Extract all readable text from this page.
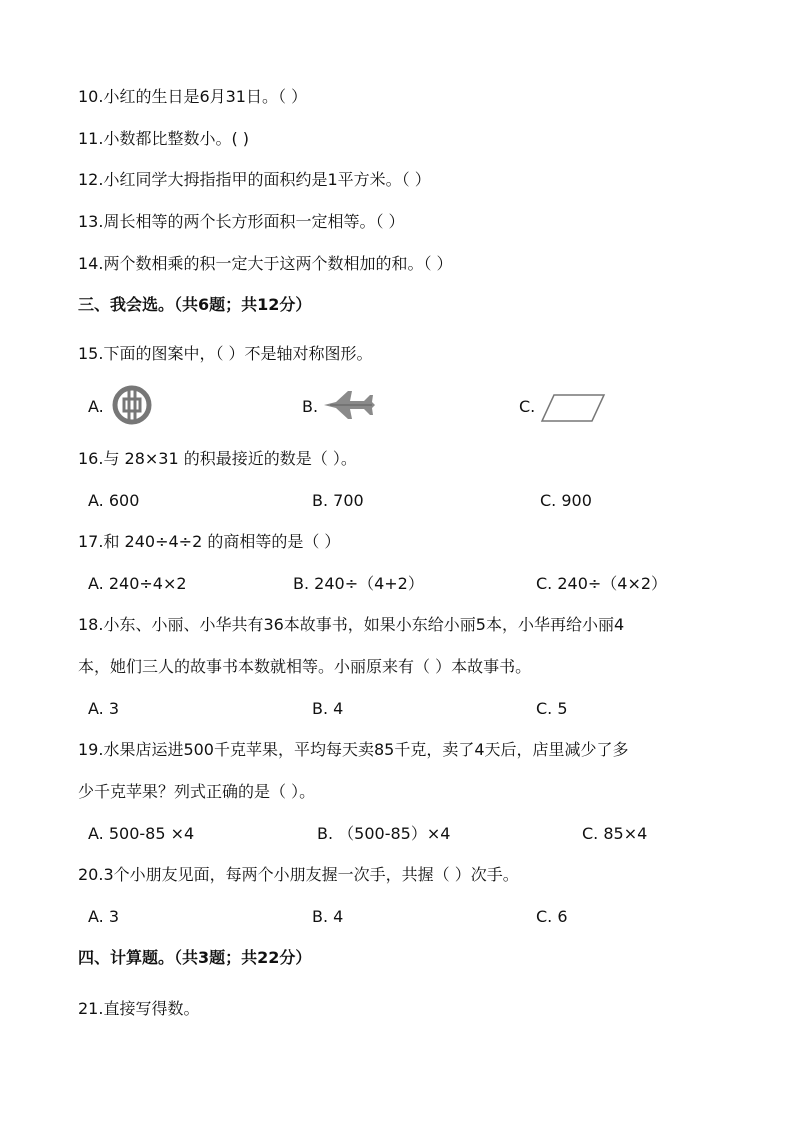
10.小红的生日是6月31日。（ ）
11.小数都比整数小。( )
12.小红同学大拇指指甲的面积约是1平方米。（ ）
13.周长相等的两个长方形面积一定相等。（ ）
14.两个数相乘的积一定大于这两个数相加的和。（ ）
三、我会选。（共6题；共12分）
15.下面的图案中，（ ）不是轴对称图形。
A.	B.	C.
16.与 28×31 的积最接近的数是（ ）。
A. 600	B. 700	C. 900
17.和 240÷4÷2 的商相等的是（ ）
A. 240÷4×2	B. 240÷（4+2）	C. 240÷（4×2）
18.小东、小丽、小华共有36本故事书，如果小东给小丽5本，小华再给小丽4
本，她们三人的故事书本数就相等。小丽原来有（ ）本故事书。
A. 3	B. 4	C. 5
19.水果店运进500千克苹果，平均每天卖85千克，卖了4天后，店里减少了多
少千克苹果？列式正确的是（ ）。
A. 500-85 ×4	B. （500-85）×4	C. 85×4
20.3个小朋友见面，每两个小朋友握一次手，共握（ ）次手。
A. 3	B. 4	C. 6
四、计算题。（共3题；共22分）
21.直接写得数。
